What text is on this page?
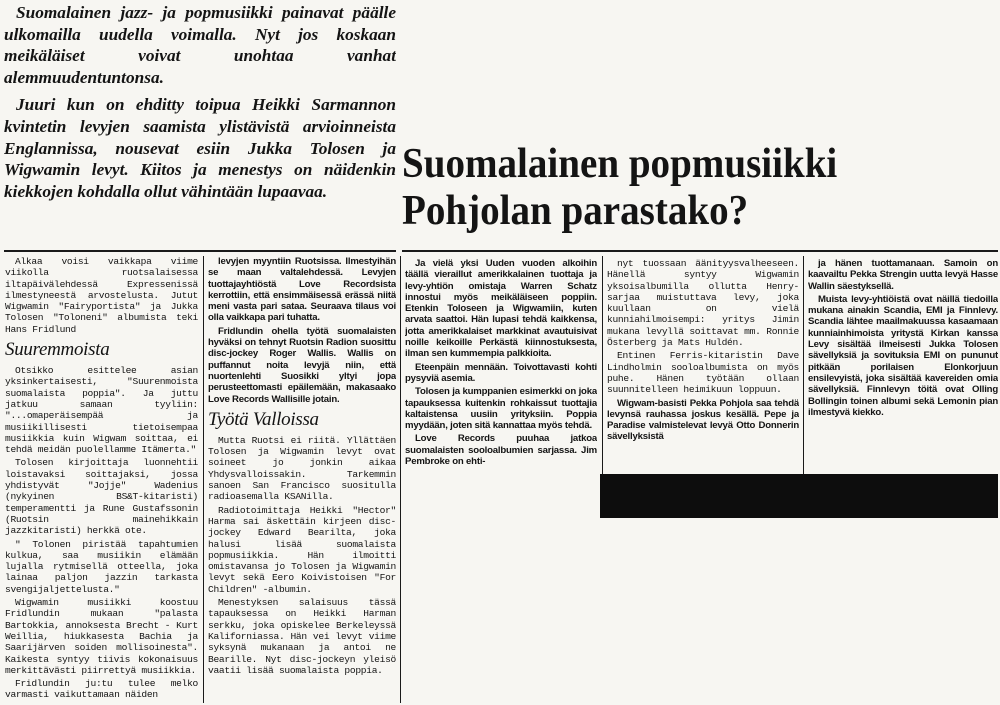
Suomalainen jazz- ja popmusiikki painavat päälle ulkomailla uudella voimalla. Nyt jos koskaan meikäläiset voivat unohtaa vanhat alemmuudentuntonsa.

Juuri kun on ehditty toipua Heikki Sarmannon kvintetin levyjen saamista ylistävistä arvioinneista Englannissa, nousevat esiin Jukka Tolosen ja Wigwamin levyt. Kiitos ja menestys on näidenkin kiekkojen kohdalla ollut vähintään lupaavaa.

Suomalainen popmusiikki
Pohjolan parastako?

Alkaa voisi vaikkapa viime viikolla ruotsalaisessa iltapäivälehdessä Expressenissä ilmestyneestä arvostelusta. Jutut Wigwamin "Fairyportista" ja Jukka Tolosen "Toloneni" albumista teki Hans Fridlund

Suuremmoista

Otsikko esittelee asian yksinkertaisesti, "Suurenmoista suomalaista poppia". Ja juttu jatkuu samaan tyyliin: "...omaperäisempää ja musiikillisesti tietoisempaa musiikkia kuin Wigwam soittaa, ei tehdä meidän puolellamme Itämerta."

Tolosen kirjoittaja luonnehtii loistavaksi soittajaksi, jossa yhdistyvät "Jojje" Wadenius (nykyinen BS&T-kitaristi) temperamentti ja Rune Gustafssonin (Ruotsin mainehikkain jazzkitaristi) herkkä ote.

" Tolonen piristää tapahtumien kulkua, saa musiikin elämään lujalla rytmisellä otteella, joka lainaa paljon jazzin tarkasta svengijaljettelusta."

Wigwamin musiikki koostuu Fridlundin mukaan "palasta Bartokkia, annoksesta Brecht - Kurt Weillia, hiukkasesta Bachia ja Saarijärven soiden mollisoinesta". Kaikesta syntyy tiivis kokonaisuus merkittävästi piirrettyä musiikkia.

Fridlundin ju:tu tulee melko varmasti vaikuttamaan näiden

levyjen myyntiin Ruotsissa. Ilmestyihän se maan valtalehdessä. Levyjen tuottajayhtiöstä Love Recordsista kerrottiin, että ensimmäisessä erässä niitä meni vasta pari sataa. Seuraava tilaus voi olla vaikkapa pari tuhatta.

Fridlundin ohella työtä suomalaisten hyväksi on tehnyt Ruotsin Radion suosittu disc-jockey Roger Wallis. Wallis on puffannut noita levyjä niin, että nuortenlehti Suosikki yltyi jopa perusteettomasti epäilemään, makasaako Love Records Wallisille jotain.

Työtä Valloissa

Mutta Ruotsi ei riitä. Yllättäen Tolosen ja Wigwamin levyt ovat soineet jo jonkin aikaa Yhdysvalloissakin. Tarkemmin sanoen San Francisco suositulla radioasemalla KSANilla.

Radiotoimittaja Heikki "Hector" Harma sai äskettäin kirjeen disc-jockey Edward Bearilta, joka halusi lisää suomalaista popmusiikkia. Hän ilmoitti omistavansa jo Tolosen ja Wigwamin levyt sekä Eero Koivistoisen "For Children" -albumin.

Menestyksen salaisuus tässä tapauksessa on Heikki Harman serkku, joka opiskelee Berkeleyssä Kaliforniassa. Hän vei levyt viime syksynä mukanaan ja antoi ne Bearille. Nyt disc-jockeyn yleisö vaatii lisää suomalaista poppia.

Ja vielä yksi Uuden vuoden alkoihin täällä vieraillut amerikkalainen tuottaja ja levy-yhtiön omistaja Warren Schatz innostui myös meikäläiseen poppiin. Etenkin Toloseen ja Wigwamiin, kuten arvata saattoi. Hän lupasi tehdä kaikkensa, jotta amerikkalaiset markkinat avautuisivat noille keikoille Perkästä kiinnostuksesta, ilman sen kummempia palkkioita.

Eteenpäin mennään. Toivottavasti kohti pysyviä asemia.

Tolosen ja kumppanien esimerkki on joka tapauksessa kuitenkin rohkaissut tuottajia kaltaistensa uusiin yrityksiin. Poppia myydään, joten sitä kannattaa myös tehdä.

Love Records puuhaa jatkoa suomalaisten sooloalbumien sarjassa. Jim Pembroke on ehti-

nyt tuossaan äänityysvalheeseen. Hänellä syntyy Wigwamin yksoisalbumilla ollutta Henry-sarjaa muistuttava levy, joka kuullaan on vielä kunniahilmoisempi: yritys Jimin mukana levyllä soittavat mm. Ronnie Österberg ja Mats Huldén.

Entinen Ferris-kitaristin Dave Lindholmin sooloalbumista on myös puhe. Hänen työtään ollaan suunnitelleen heimikuun loppuun.

Wigwam-basisti Pekka Pohjola saa tehdä levynsä rauhassa joskus kesällä. Pepe ja Paradise valmistelevat levyä Otto Donnerin sävellyksistä

ja hänen tuottamanaan. Samoin on kaavailtu Pekka Strengin uutta levyä Hasse Wallin säestyksellä.

Muista levy-yhtiöistä ovat näillä tiedoilla mukana ainakin Scandia, EMI ja Finnlevy. Scandia lähtee maailmakuussa kasaamaan kunniainhimoista yritystä Kirkan kanssa Levy sisältää ilmeisesti Jukka Tolosen sävellyksiä ja sovituksia EMI on pununut pitkään porilaisen Elonkorjuun ensilevyistä, joka sisältää kavereiden omia sävellyksiä. Finnlevyn töitä ovat Olling Bollingin toinen albumi sekä Lemonin pian ilmestyvä kiekko.
